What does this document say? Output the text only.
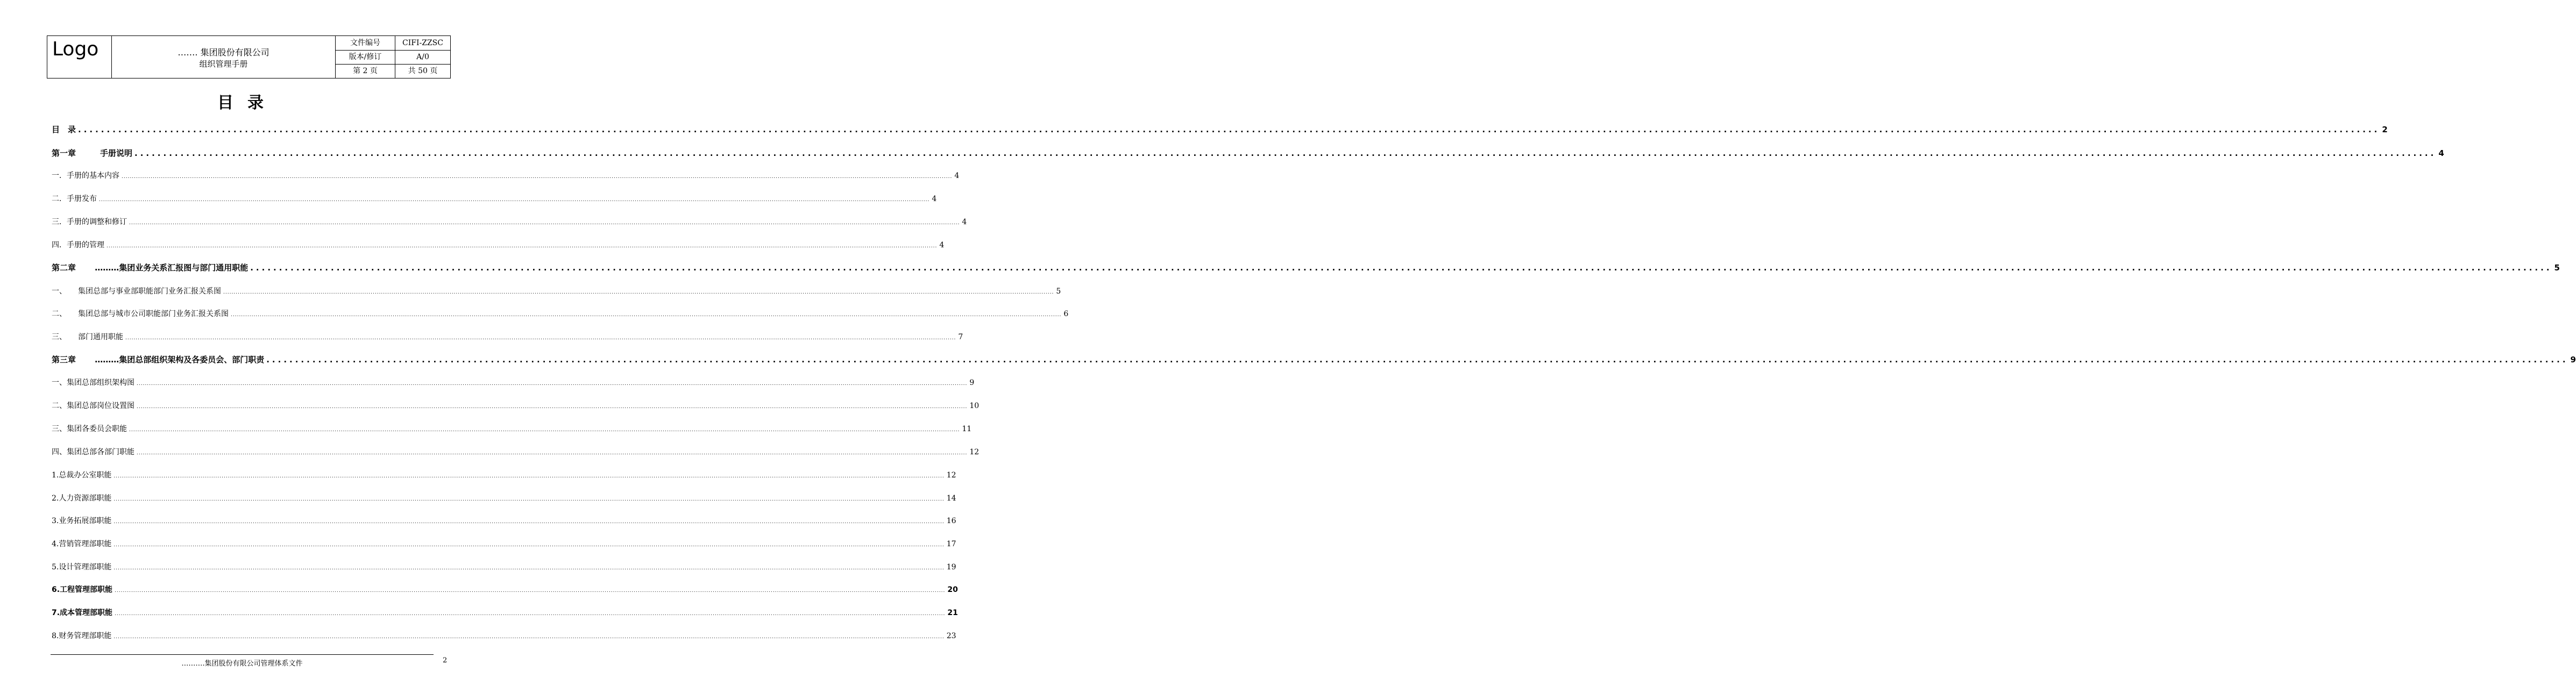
Logo	……. 集团股份有限公司
组织管理手册
文件编号	CIFI-ZZSC
版本/修订	A/0
第 2 页	共 50 页
目录
目　录 ................................................................................................................................................................................................................................................................................................................................................................................................................ 2
第一章　　　手册说明 ................................................................................................................................................................................................................................................................................................................................................................................................................ 4
一．手册的基本内容 ................................................................................................................................................................................................................................................................................................................................................................................................................ 4
二．手册发布 ................................................................................................................................................................................................................................................................................................................................................................................................................ 4
三．手册的调整和修订 ................................................................................................................................................................................................................................................................................................................................................................................................................ 4
四．手册的管理 ................................................................................................................................................................................................................................................................................................................................................................................................................ 4
第二章　　 ………集团业务关系汇报图与部门通用职能 ................................................................................................................................................................................................................................................................................................................................................................................................................ 5
一、　　集团总部与事业部职能部门业务汇报关系图 ................................................................................................................................................................................................................................................................................................................................................................................................................ 5
二、　　集团总部与城市公司职能部门业务汇报关系图 ................................................................................................................................................................................................................................................................................................................................................................................................................ 6
三、　　部门通用职能 ................................................................................................................................................................................................................................................................................................................................................................................................................ 7
第三章　　 ………集团总部组织架构及各委员会、部门职责 ................................................................................................................................................................................................................................................................................................................................................................................................................ 9
一、集团总部组织架构图 ................................................................................................................................................................................................................................................................................................................................................................................................................ 9
二、集团总部岗位设置图 ................................................................................................................................................................................................................................................................................................................................................................................................................ 10
三、集团各委员会职能 ................................................................................................................................................................................................................................................................................................................................................................................................................ 11
四、集团总部各部门职能 ................................................................................................................................................................................................................................................................................................................................................................................................................ 12
1.总裁办公室职能 ................................................................................................................................................................................................................................................................................................................................................................................................................ 12
2.人力资源部职能 ................................................................................................................................................................................................................................................................................................................................................................................................................ 14
3.业务拓展部职能 ................................................................................................................................................................................................................................................................................................................................................................................................................ 16
4.营销管理部职能 ................................................................................................................................................................................................................................................................................................................................................................................................................ 17
5.设计管理部职能 ................................................................................................................................................................................................................................................................................................................................................................................................................ 19
6.工程管理部职能 ................................................................................................................................................................................................................................................................................................................................................................................................................ 20
7.成本管理部职能 ................................................................................................................................................................................................................................................................................................................................................................................................................ 21
8.财务管理部职能 ................................................................................................................................................................................................................................................................................................................................................................................................................ 23
……….集团股份有限公司管理体系文件	2
